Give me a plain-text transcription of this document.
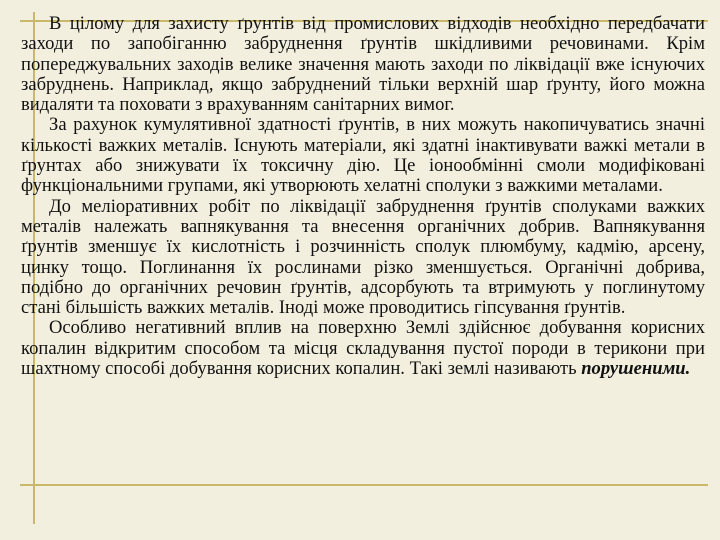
В цілому для захисту ґрунтів від промислових відходів необхідно передбачати заходи по запобіганню забруднення ґрунтів шкідливими речовинами. Крім попереджувальних заходів велике значення мають заходи по ліквідації вже існуючих забруднень. Наприклад, якщо забруднений тільки верхній шар ґрунту, його можна видаляти та поховати з врахуванням санітарних вимог.

За рахунок кумулятивної здатності ґрунтів, в них можуть накопичуватись значні кількості важких металів. Існують матеріали, які здатні інактивувати важкі метали в ґрунтах або знижувати їх токсичну дію. Це іонообмінні смоли модифіковані функціональними групами, які утворюють хелатні сполуки з важкими металами.

До меліоративних робіт по ліквідації забруднення ґрунтів сполуками важких металів належать вапнякування та внесення органічних добрив. Вапнякування ґрунтів зменшує їх кислотність і розчинність сполук плюмбуму, кадмію, арсену, цинку тощо. Поглинання їх рослинами різко зменшується. Органічні добрива, подібно до органічних речовин ґрунтів, адсорбують та втримують у поглинутому стані більшість важких металів. Іноді може проводитись гіпсування ґрунтів.

Особливо негативний вплив на поверхню Землі здійснює добування корисних копалин відкритим способом та місця складування пустої породи в терикони при шахтному способі добування корисних копалин. Такі землі називають порушеними.
